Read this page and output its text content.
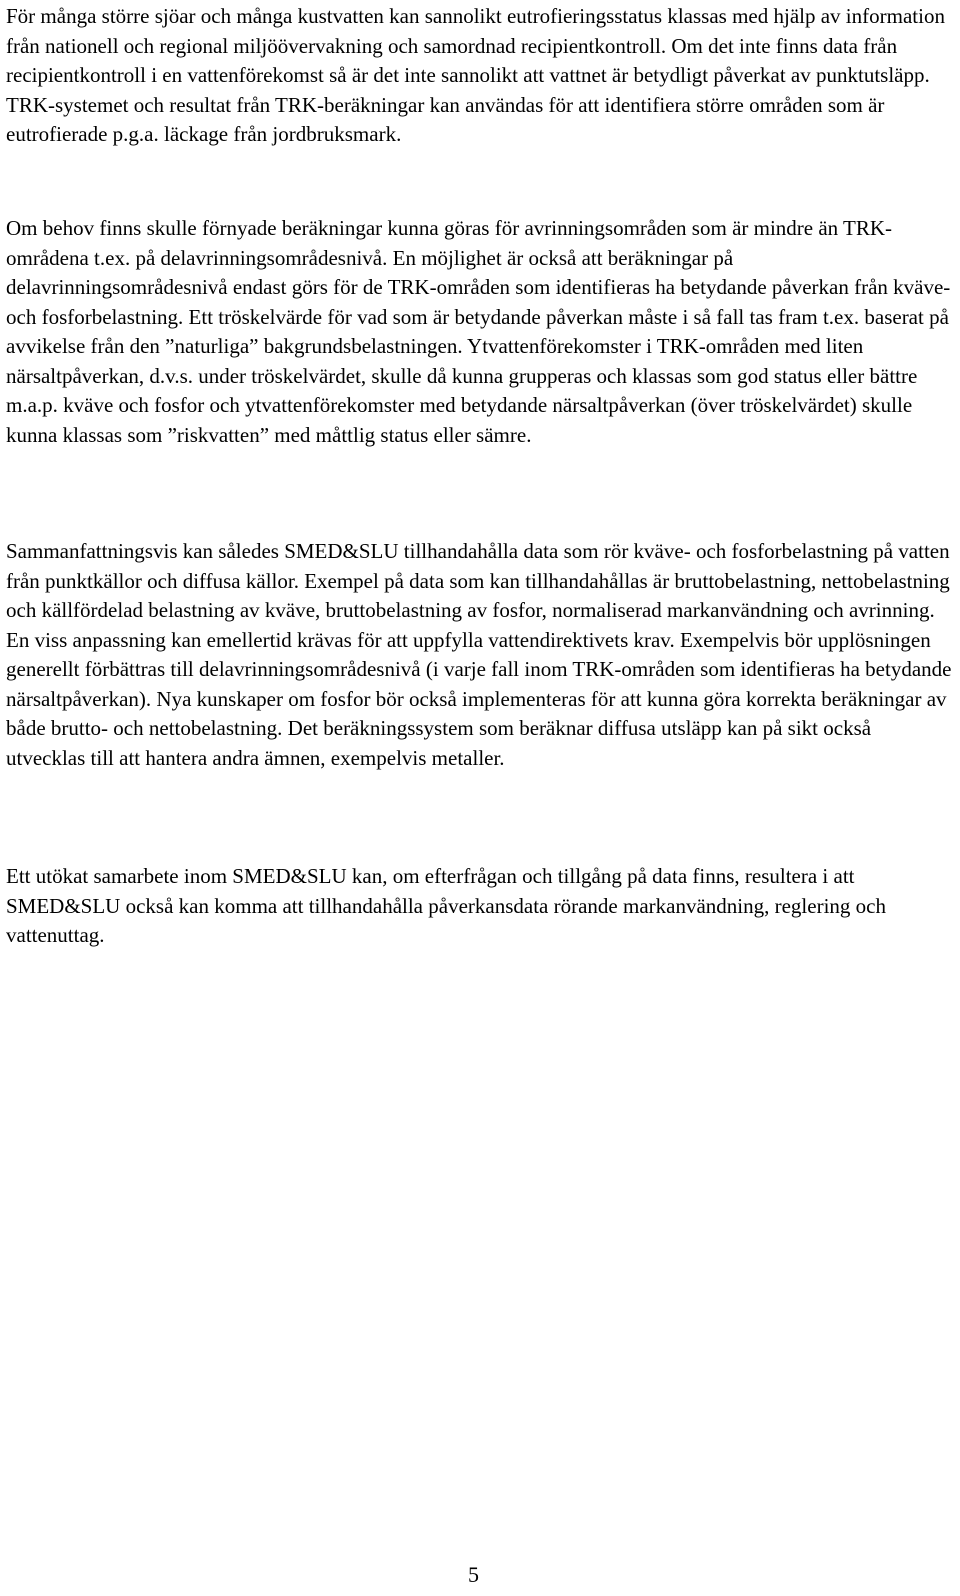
För många större sjöar och många kustvatten kan sannolikt eutrofieringsstatus klassas med hjälp av information från nationell och regional miljöövervakning och samordnad recipientkontroll. Om det inte finns data från recipientkontroll i en vattenförekomst så är det inte sannolikt att vattnet är betydligt påverkat av punktutsläpp. TRK-systemet och resultat från TRK-beräkningar kan användas för att identifiera större områden som är eutrofierade p.g.a. läckage från jordbruksmark.

Om behov finns skulle förnyade beräkningar kunna göras för avrinningsområden som är mindre än TRK-områdena t.ex. på delavrinningsområdesnivå. En möjlighet är också att beräkningar på delavrinningsområdesnivå endast görs för de TRK-områden som identifieras ha betydande påverkan från kväve- och fosforbelastning. Ett tröskelvärde för vad som är betydande påverkan måste i så fall tas fram t.ex. baserat på avvikelse från den ”naturliga” bakgrundsbelastningen. Ytvattenförekomster i TRK-områden med liten närsaltpåverkan, d.v.s. under tröskelvärdet, skulle då kunna grupperas och klassas som god status eller bättre m.a.p. kväve och fosfor och ytvattenförekomster med betydande närsaltpåverkan (över tröskelvärdet) skulle kunna klassas som ”riskvatten” med måttlig status eller sämre.

Sammanfattningsvis kan således SMED&SLU tillhandahålla data som rör kväve- och fosforbelastning på vatten från punktkällor och diffusa källor. Exempel på data som kan tillhandahållas är bruttobelastning, nettobelastning och källfördelad belastning av kväve, bruttobelastning av fosfor, normaliserad markanvändning och avrinning. En viss anpassning kan emellertid krävas för att uppfylla vattendirektivets krav. Exempelvis bör upplösningen generellt förbättras till delavrinningsområdesnivå (i varje fall inom TRK-områden som identifieras ha betydande närsaltpåverkan). Nya kunskaper om fosfor bör också implementeras för att kunna göra korrekta beräkningar av både brutto- och nettobelastning. Det beräkningssystem som beräknar diffusa utsläpp kan på sikt också utvecklas till att hantera andra ämnen, exempelvis metaller.

Ett utökat samarbete inom SMED&SLU kan, om efterfrågan och tillgång på data finns, resultera i att SMED&SLU också kan komma att tillhandahålla påverkansdata rörande markanvändning, reglering och vattenuttag.

5
